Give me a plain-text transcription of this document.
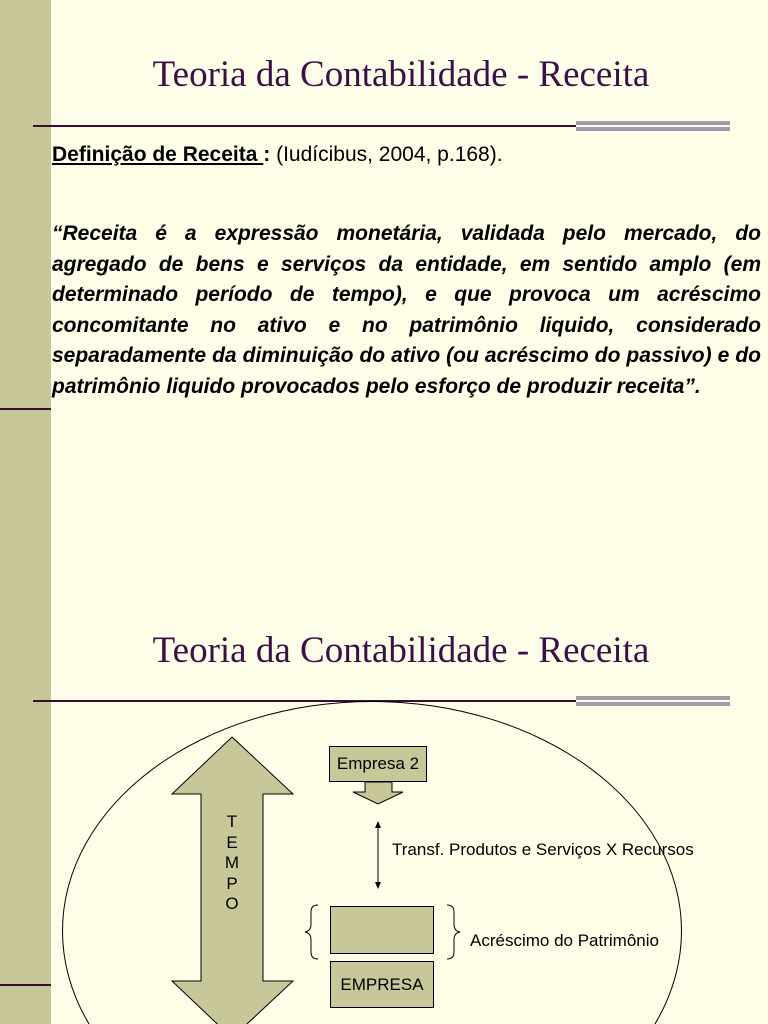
Teoria da Contabilidade - Receita
Definição de Receita : (Iudícibus, 2004, p.168).

“Receita é a expressão monetária, validada pelo mercado, do agregado de bens e serviços da entidade, em sentido amplo (em determinado período de tempo), e que provoca um acréscimo concomitante no ativo e no patrimônio liquido, considerado separadamente da diminuição do ativo (ou acréscimo do passivo) e do patrimônio liquido provocados pelo esforço de produzir receita”.

Teoria da Contabilidade - Receita
T
E
M
P
O
Empresa 2
Transf. Produtos e Serviços X Recursos
Acréscimo do Patrimônio
EMPRESA
